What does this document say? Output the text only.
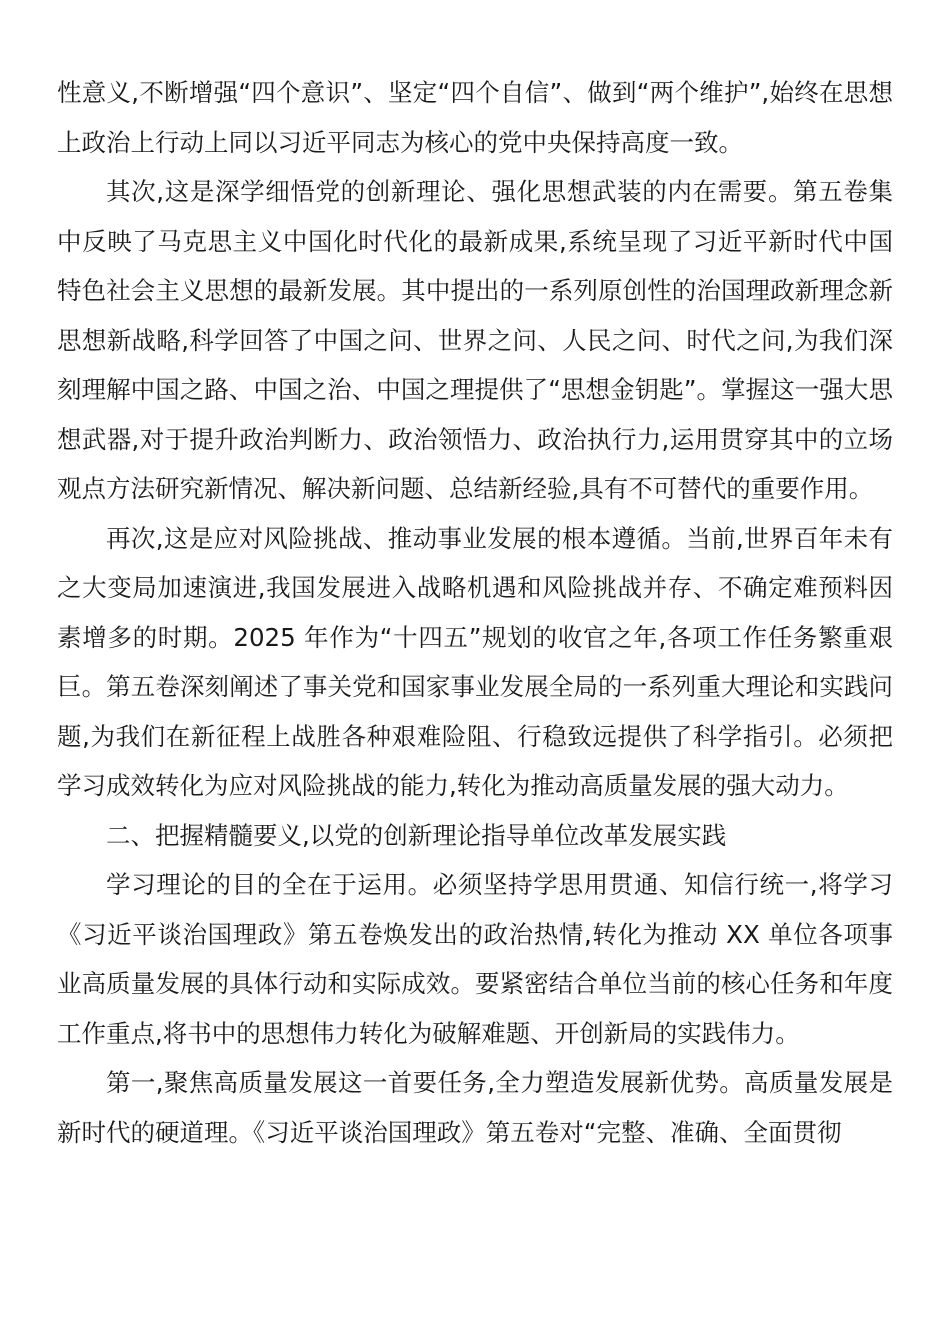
性意义,不断增强“四个意识”、坚定“四个自信”、做到“两个维护”,始终在思想上政治上行动上同以习近平同志为核心的党中央保持高度一致。

其次,这是深学细悟党的创新理论、强化思想武装的内在需要。第五卷集中反映了马克思主义中国化时代化的最新成果,系统呈现了习近平新时代中国特色社会主义思想的最新发展。其中提出的一系列原创性的治国理政新理念新思想新战略,科学回答了中国之问、世界之问、人民之问、时代之问,为我们深刻理解中国之路、中国之治、中国之理提供了“思想金钥匙”。掌握这一强大思想武器,对于提升政治判断力、政治领悟力、政治执行力,运用贯穿其中的立场观点方法研究新情况、解决新问题、总结新经验,具有不可替代的重要作用。

再次,这是应对风险挑战、推动事业发展的根本遵循。当前,世界百年未有之大变局加速演进,我国发展进入战略机遇和风险挑战并存、不确定难预料因素增多的时期。2025 年作为“十四五”规划的收官之年,各项工作任务繁重艰巨。第五卷深刻阐述了事关党和国家事业发展全局的一系列重大理论和实践问题,为我们在新征程上战胜各种艰难险阻、行稳致远提供了科学指引。必须把学习成效转化为应对风险挑战的能力,转化为推动高质量发展的强大动力。

二、把握精髓要义,以党的创新理论指导单位改革发展实践

学习理论的目的全在于运用。必须坚持学思用贯通、知信行统一,将学习《习近平谈治国理政》第五卷焕发出的政治热情,转化为推动 XX 单位各项事业高质量发展的具体行动和实际成效。要紧密结合单位当前的核心任务和年度工作重点,将书中的思想伟力转化为破解难题、开创新局的实践伟力。

第一,聚焦高质量发展这一首要任务,全力塑造发展新优势。高质量发展是新时代的硬道理。《习近平谈治国理政》第五卷对“完整、准确、全面贯彻
